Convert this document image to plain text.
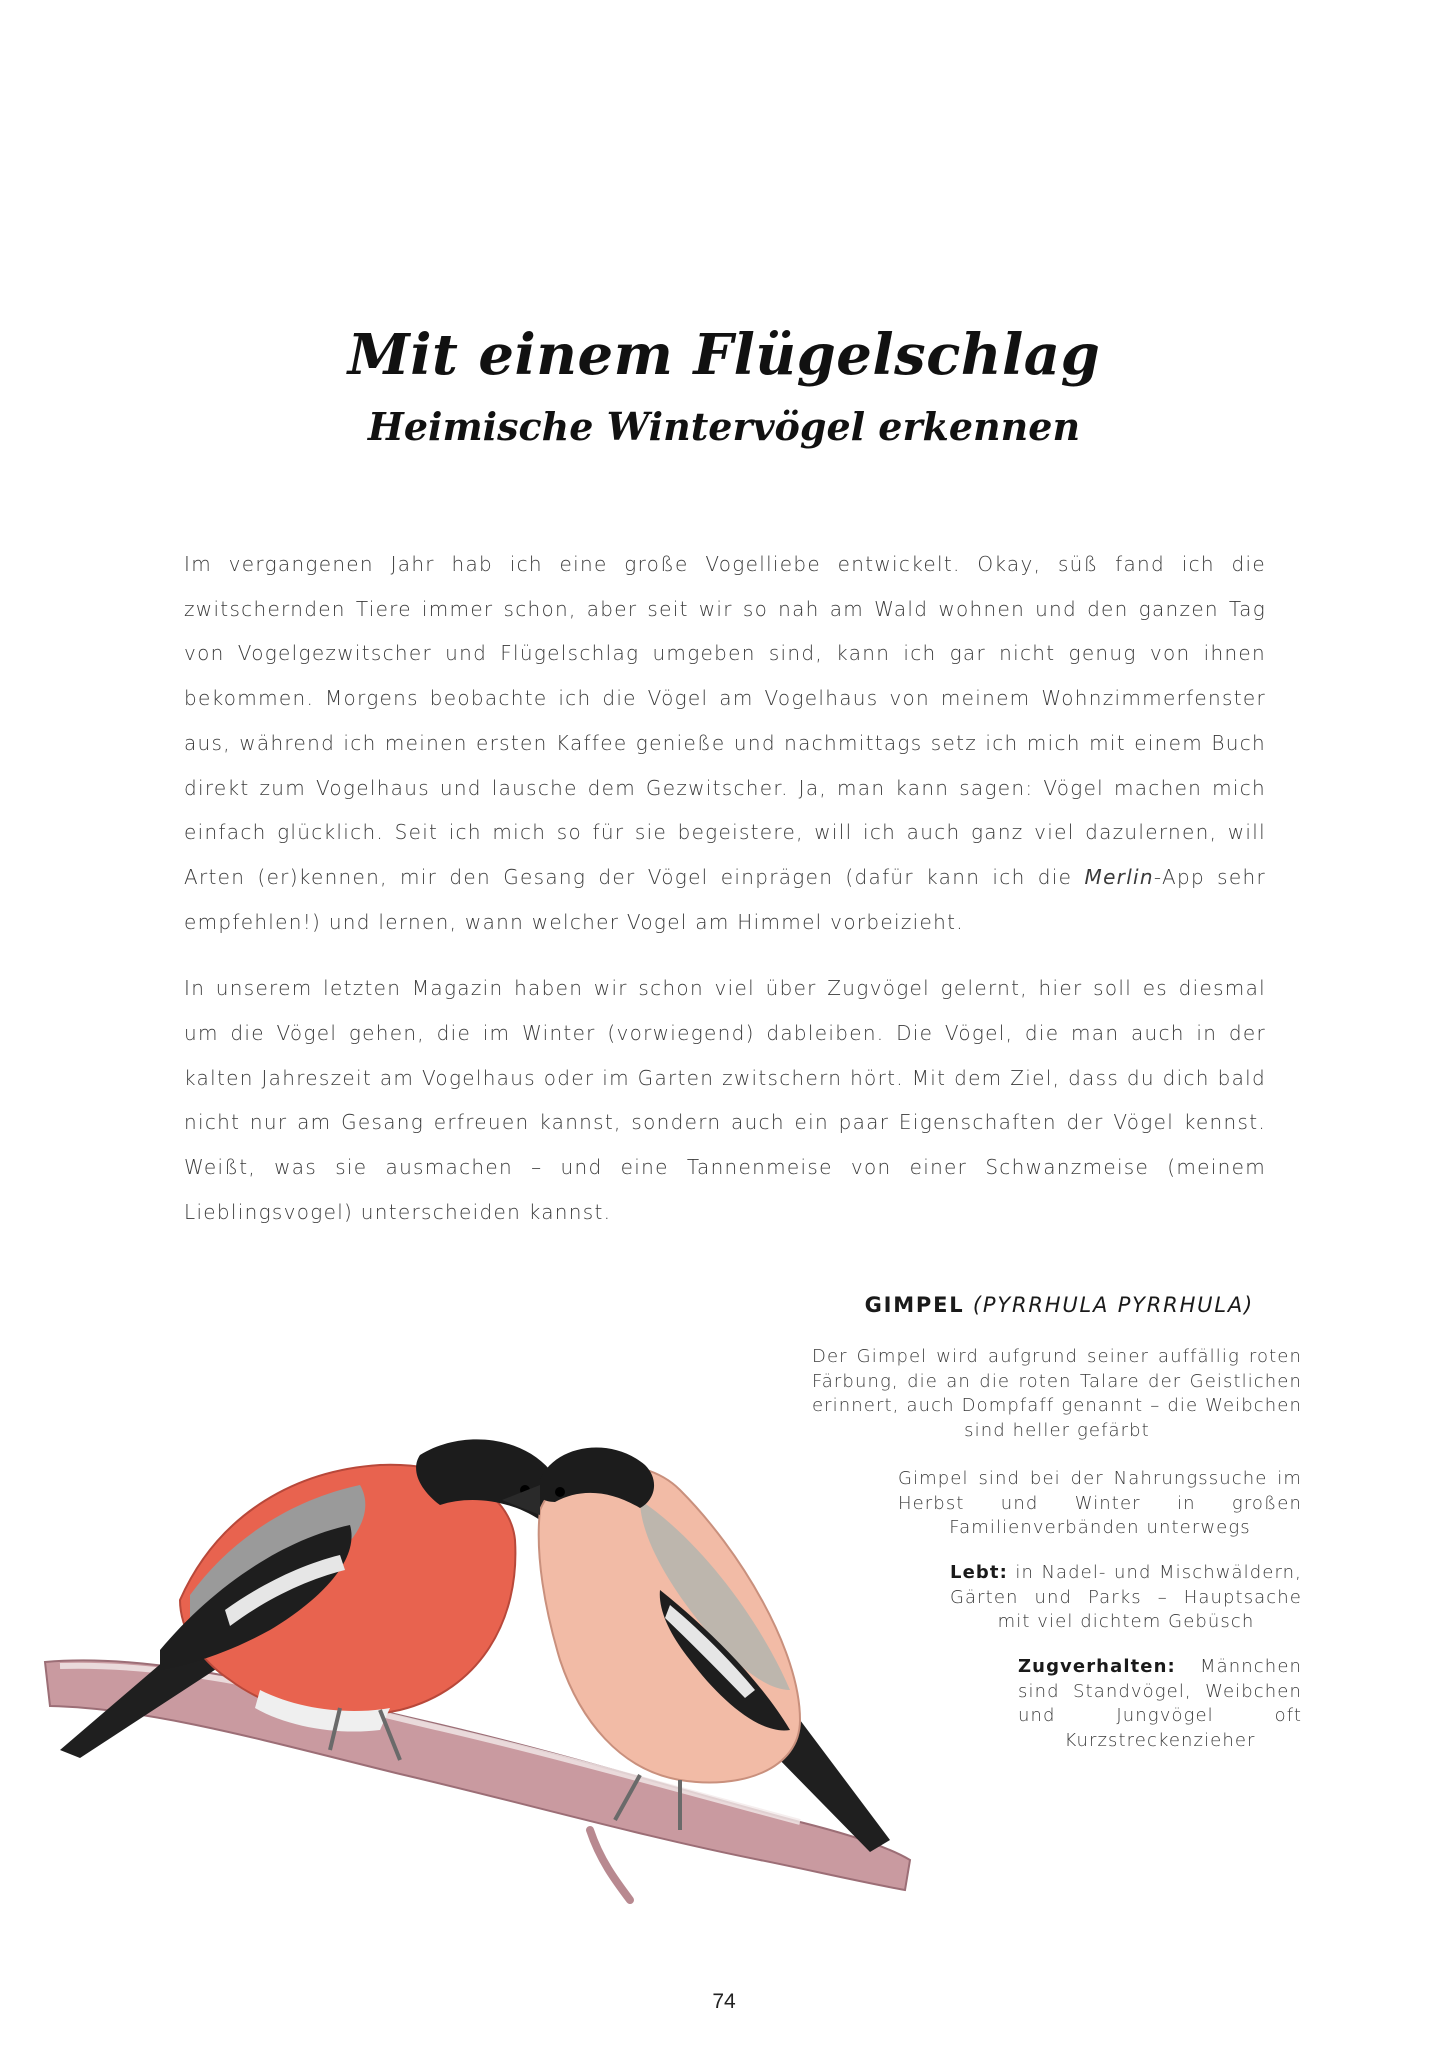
Mit einem Flügelschlag
Heimische Wintervögel erkennen

Im vergangenen Jahr hab ich eine große Vogelliebe entwickelt. Okay, süß fand ich die zwitschernden Tiere immer schon, aber seit wir so nah am Wald wohnen und den ganzen Tag von Vogelgezwitscher und Flügelschlag umgeben sind, kann ich gar nicht genug von ihnen bekommen. Morgens beobachte ich die Vögel am Vogelhaus von meinem Wohnzimmerfenster aus, während ich meinen ersten Kaffee genieße und nachmittags setz ich mich mit einem Buch direkt zum Vogelhaus und lausche dem Gezwitscher. Ja, man kann sagen: Vögel machen mich einfach glücklich. Seit ich mich so für sie begeistere, will ich auch ganz viel dazulernen, will Arten (er)kennen, mir den Gesang der Vögel einprägen (dafür kann ich die Merlin-App sehr empfehlen!) und lernen, wann welcher Vogel am Himmel vorbeizieht.

In unserem letzten Magazin haben wir schon viel über Zugvögel gelernt, hier soll es diesmal um die Vögel gehen, die im Winter (vorwiegend) dableiben. Die Vögel, die man auch in der kalten Jahreszeit am Vogelhaus oder im Garten zwitschern hört. Mit dem Ziel, dass du dich bald nicht nur am Gesang erfreuen kannst, sondern auch ein paar Eigenschaften der Vögel kennst. Weißt, was sie ausmachen – und eine Tannenmeise von einer Schwanzmeise (meinem Lieblingsvogel) unterscheiden kannst.

GIMPEL (PYRRHULA PYRRHULA)
Der Gimpel wird aufgrund seiner auffällig roten Färbung, die an die roten Talare der Geistlichen erinnert, auch Dompfaff genannt – die Weibchen sind heller gefärbt
Gimpel sind bei der Nahrungssuche im Herbst und Winter in großen Familienverbänden unterwegs
Lebt: in Nadel- und Mischwäldern, Gärten und Parks – Hauptsache mit viel dichtem Gebüsch
Zugverhalten: Männchen sind Standvögel, Weibchen und Jungvögel oft Kurzstreckenzieher
74
